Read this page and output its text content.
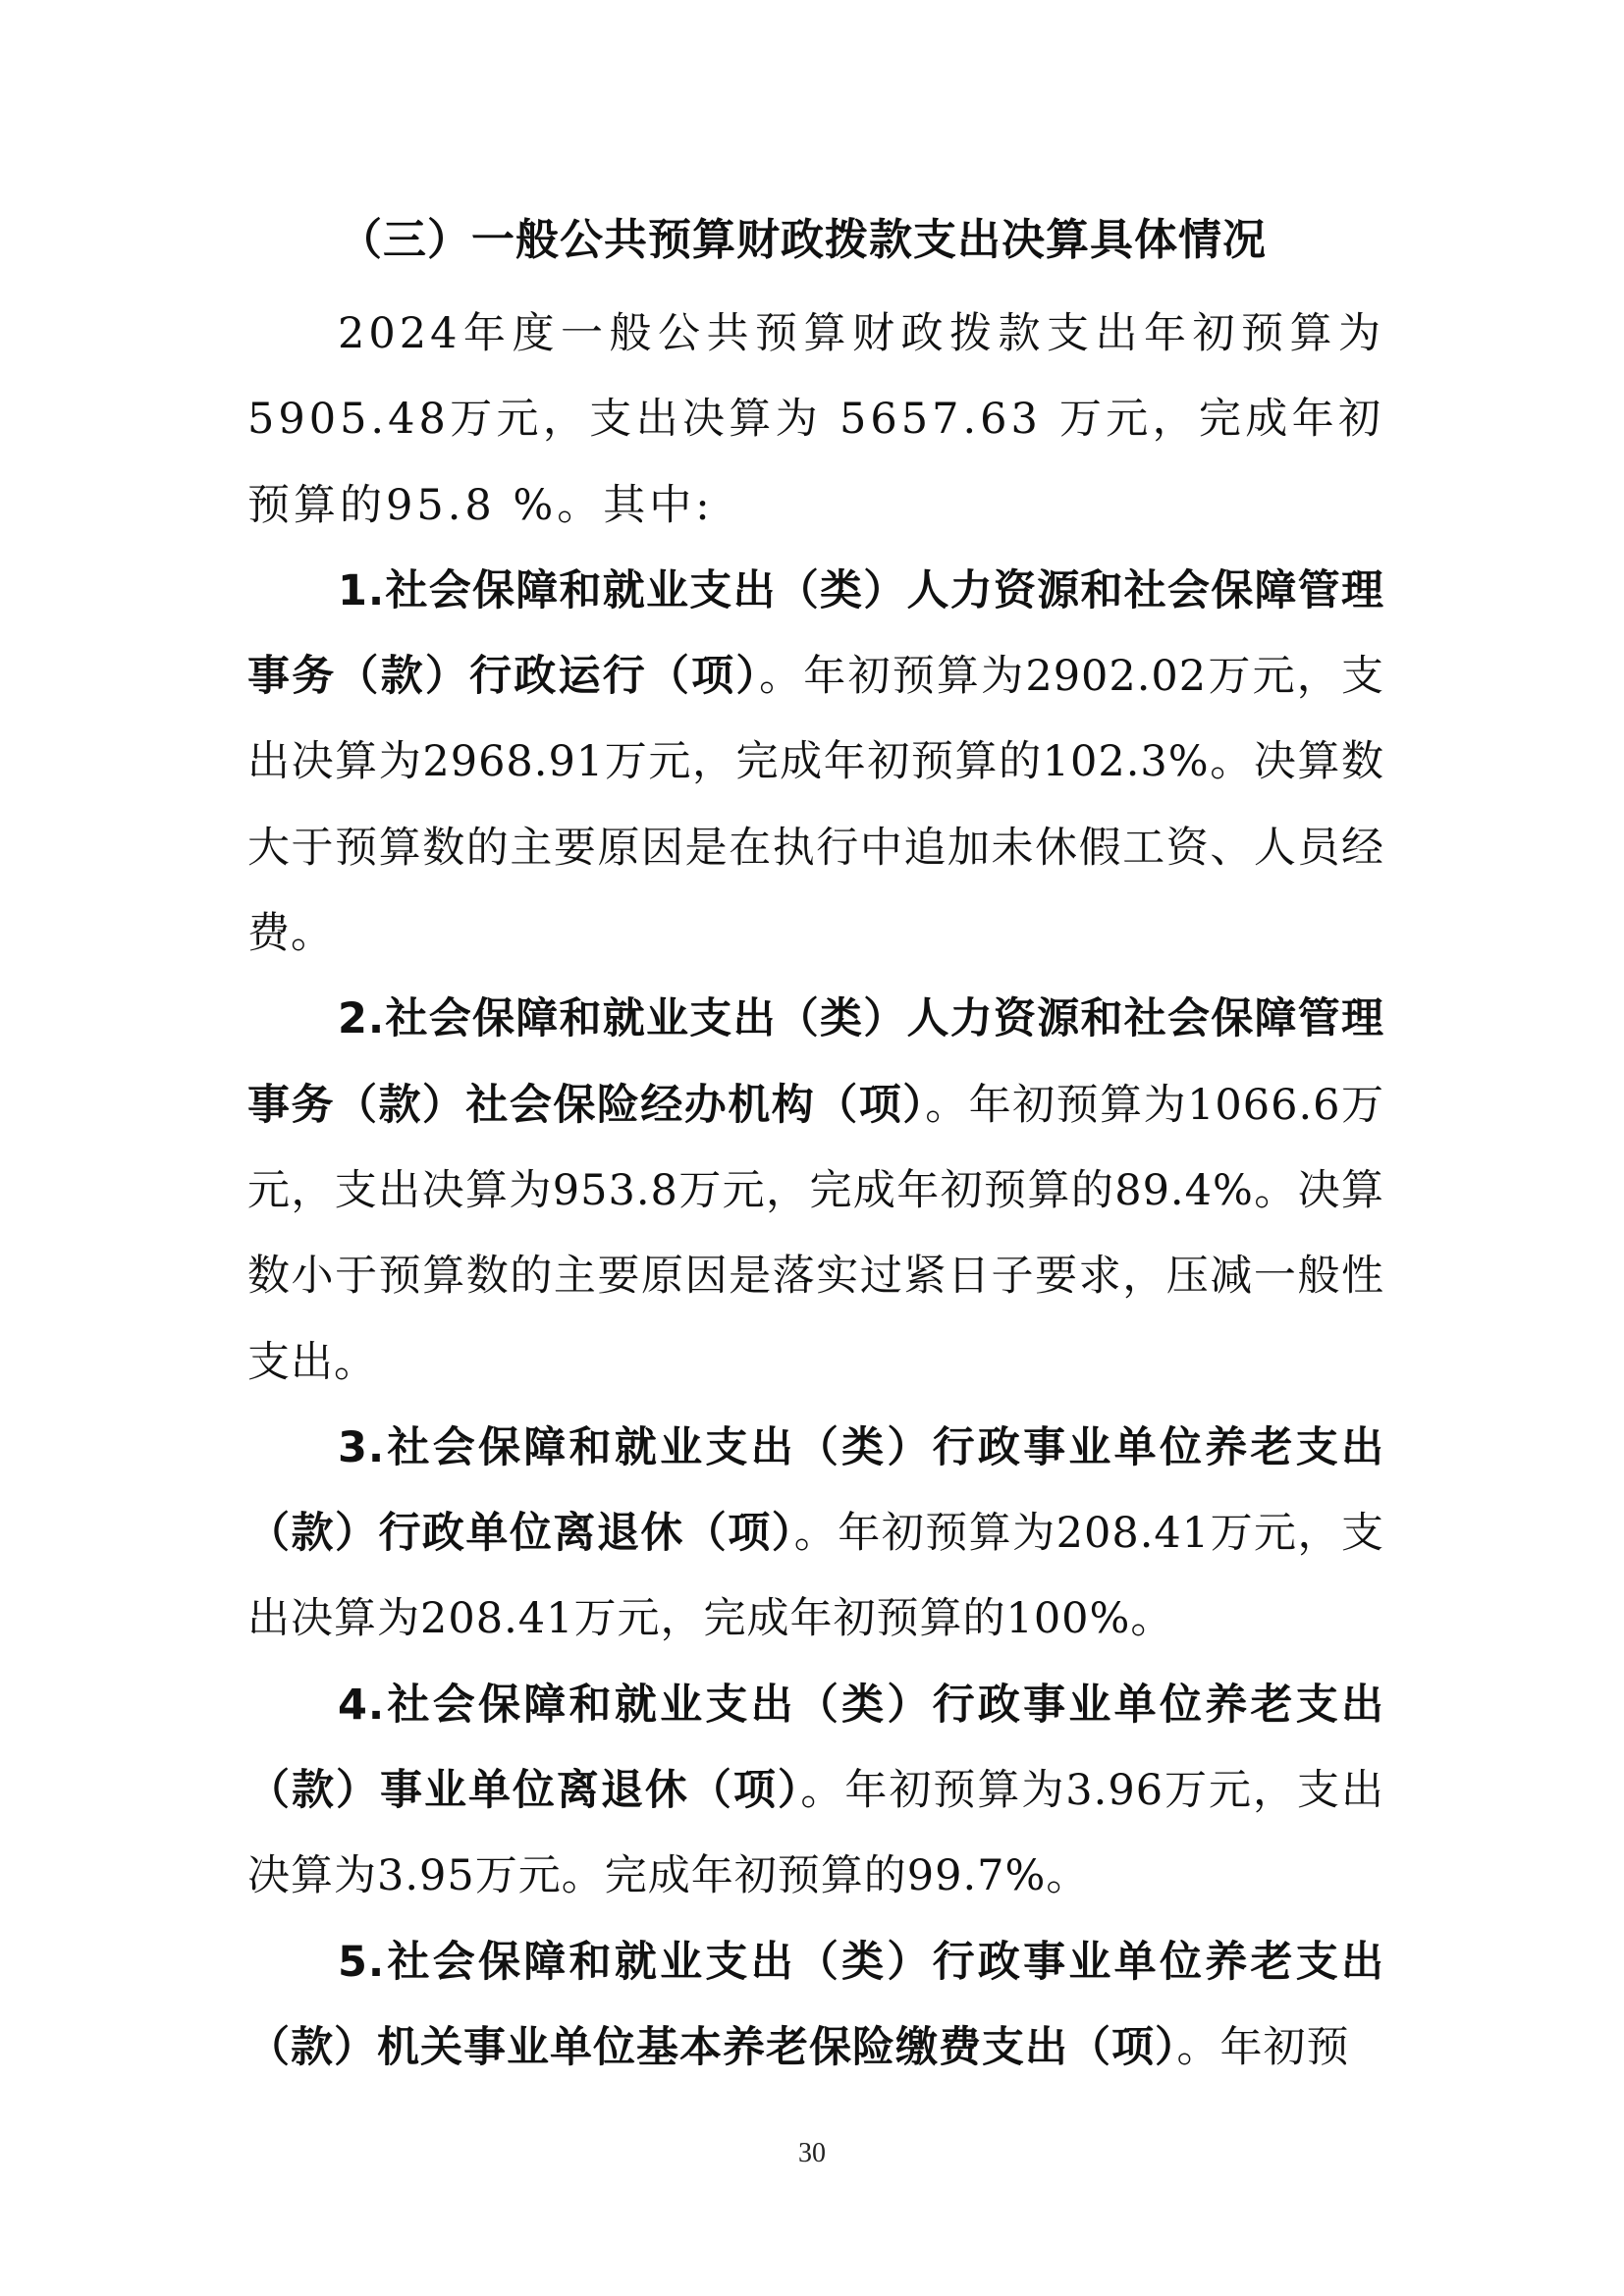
（三）一般公共预算财政拨款支出决算具体情况

2024年度一般公共预算财政拨款支出年初预算为5905.48万元，支出决算为 5657.63 万元，完成年初预算的95.8 %。其中:

1.社会保障和就业支出（类）人力资源和社会保障管理事务（款）行政运行（项）。年初预算为2902.02万元，支出决算为2968.91万元，完成年初预算的102.3%。决算数大于预算数的主要原因是在执行中追加未休假工资、人员经费。

2.社会保障和就业支出（类）人力资源和社会保障管理事务（款）社会保险经办机构（项）。年初预算为1066.6万元，支出决算为953.8万元，完成年初预算的89.4%。决算数小于预算数的主要原因是落实过紧日子要求，压减一般性支出。

3.社会保障和就业支出（类）行政事业单位养老支出（款）行政单位离退休（项）。年初预算为208.41万元，支出决算为208.41万元，完成年初预算的100%。

4.社会保障和就业支出（类）行政事业单位养老支出（款）事业单位离退休（项）。年初预算为3.96万元，支出决算为3.95万元。完成年初预算的99.7%。

5.社会保障和就业支出（类）行政事业单位养老支出（款）机关事业单位基本养老保险缴费支出（项）。年初预

30
